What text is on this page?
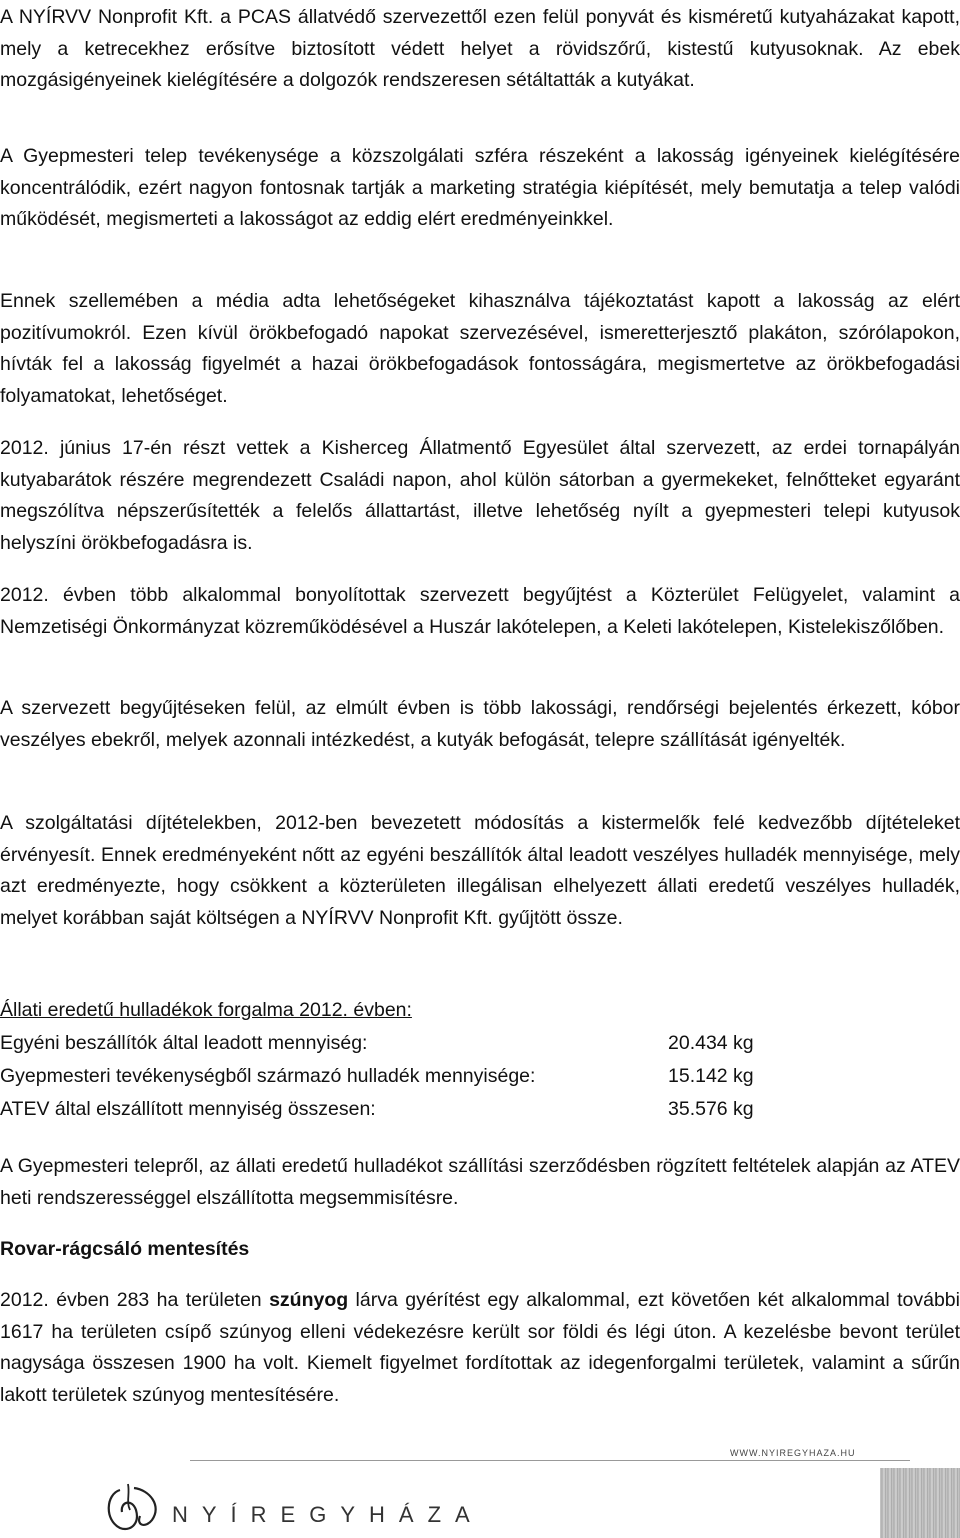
A NYÍRVV Nonprofit Kft. a PCAS állatvédő szervezettől ezen felül ponyvát és kisméretű kutyaházakat kapott, mely a ketrecekhez erősítve biztosított védett helyet a rövidszőrű, kistestű kutyusoknak. Az ebek mozgásigényeinek kielégítésére a dolgozók rendszeresen sétáltatták a kutyákat.

A Gyepmesteri telep tevékenysége a közszolgálati szféra részeként a lakosság igényeinek kielégítésére koncentrálódik, ezért nagyon fontosnak tartják a marketing stratégia kiépítését, mely bemutatja a telep valódi működését, megismerteti a lakosságot az eddig elért eredményeinkkel.

Ennek szellemében a média adta lehetőségeket kihasználva tájékoztatást kapott a lakosság az elért pozitívumokról. Ezen kívül örökbefogadó napokat szervezésével, ismeretterjesztő plakáton, szórólapokon, hívták fel a lakosság figyelmét a hazai örökbefogadások fontosságára, megismertetve az örökbefogadási folyamatokat, lehetőséget.

2012. június 17-én részt vettek a Kisherceg Állatmentő Egyesület által szervezett, az erdei tornapályán kutyabarátok részére megrendezett Családi napon, ahol külön sátorban a gyermekeket, felnőtteket egyaránt megszólítva népszerűsítették a felelős állattartást, illetve lehetőség nyílt a gyepmesteri telepi kutyusok helyszíni örökbefogadásra is.

2012. évben több alkalommal bonyolítottak szervezett begyűjtést a Közterület Felügyelet, valamint a Nemzetiségi Önkormányzat közreműködésével a Huszár lakótelepen, a Keleti lakótelepen, Kistelekiszőlőben.

A szervezett begyűjtéseken felül, az elmúlt évben is több lakossági, rendőrségi bejelentés érkezett, kóbor veszélyes ebekről, melyek azonnali intézkedést, a kutyák befogását, telepre szállítását igényelték.

A szolgáltatási díjtételekben, 2012-ben bevezetett módosítás a kistermelők felé kedvezőbb díjtételeket érvényesít. Ennek eredményeként nőtt az egyéni beszállítók által leadott veszélyes hulladék mennyisége, mely azt eredményezte, hogy csökkent a közterületen illegálisan elhelyezett állati eredetű veszélyes hulladék, melyet korábban saját költségen a NYÍRVV Nonprofit Kft. gyűjtött össze.

Állati eredetű hulladékok forgalma 2012. évben:

Egyéni beszállítók által leadott mennyiség:	20.434 kg
Gyepmesteri tevékenységből származó hulladék mennyisége:	15.142 kg
ATEV által elszállított mennyiség összesen:	35.576 kg

A Gyepmesteri telepről, az állati eredetű hulladékot szállítási szerződésben rögzített feltételek alapján az ATEV heti rendszerességgel elszállította megsemmisítésre.

Rovar-rágcsáló mentesítés

2012. évben 283 ha területen szúnyog lárva gyérítést egy alkalommal, ezt követően két alkalommal további 1617 ha területen csípő szúnyog elleni védekezésre került sor földi és légi úton. A kezelésbe bevont terület nagysága összesen 1900 ha volt. Kiemelt figyelmet fordítottak az idegenforgalmi területek, valamint a sűrűn lakott területek szúnyog mentesítésére.

WWW.NYIREGYHAZA.HU
NYÍREGYHÁZA
